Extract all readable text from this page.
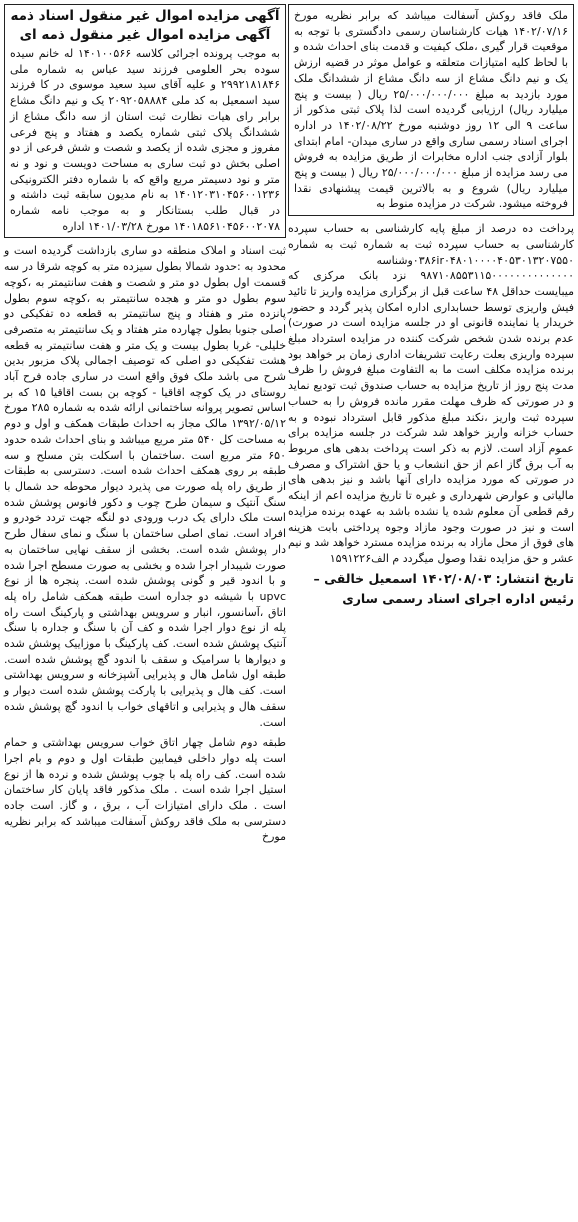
ملک فاقد روکش آسفالت میباشد که برابر نظریه مورخ ۱۴۰۲/۰۷/۱۶ هیات کارشناسان رسمی دادگستری با توجه به موقعیت قرار گیری ،ملک کیفیت و قدمت بنای احداث شده و با لحاظ کلیه امتیازات متعلقه و عوامل موثر در قضیه ارزش یک و نیم دانگ مشاع از سه دانگ مشاع از ششدانگ ملک مورد بازدید به مبلغ ۲۵/۰۰۰/۰۰۰/۰۰۰ ریال ( بیست و پنج میلیارد ریال) ارزیابی گردیده است لذا پلاک ثبتی مذکور از ساعت ۹ الی ۱۲ روز دوشنبه مورخ ۱۴۰۲/۰۸/۲۲ در اداره اجرای اسناد رسمی ساری واقع در ساری میدان- امام ابتدای بلوار آزادی جنب اداره مخابرات از طریق مزایده به فروش می رسد مزایده از مبلغ ۲۵/۰۰۰/۰۰۰/۰۰۰ ریال ( بیست و پنج میلیارد ریال) شروع و به بالاترین قیمت پیشنهادی نقدا فروخته میشود. شرکت در مزایده منوط به

پرداخت ده درصد از مبلغ پایه کارشناسی به حساب سپرده کارشناسی به حساب سپرده ثبت به شماره ثبت به شماره ۰۳۸۶ir۰۴۸۰۱۰۰۰۰۴۰۵۳۰۱۳۲۰۷۵۵۰وشناسه ۹۸۷۱۰۸۵۵۳۱۱۵۰۰۰۰۰۰۰۰۰۰۰۰۰۰ نزد بانک مرکزی که میبایست حداقل ۴۸ ساعت قبل از برگزاری مزایده واریز تا تائید فیش واریزی توسط حسابداری اداره امکان پذیر گردد و حضور خریدار یا نماینده قانونی او در جلسه مزایده است در صورت) عدم برنده شدن شخص شرکت کننده در مزایده استرداد مبلغ سپرده واریزی بعلت رعایت تشریفات اداری زمان بر خواهد بود برنده مزایده مکلف است ما به التفاوت مبلغ فروش را ظرف مدت پنج روز از تاریخ مزایده به حساب صندوق ثبت تودیع نماید و در صورتی که ظرف مهلت مقرر مانده فروش را به حساب سپرده ثبت واریز ،نکند مبلغ مذکور قابل استرداد نبوده و به حساب خزانه واریز خواهد شد شرکت در جلسه مزایده برای عموم آزاد است. لازم به ذکر است پرداخت بدهی های مربوط به آب برق گاز اعم از حق انشعاب و یا حق اشتراک و مصرف در صورتی که مورد مزایده دارای آنها باشد و نیز بدهی های مالیاتی و عوارض شهرداری و غیره تا تاریخ مزایده اعم از اینکه رقم قطعی آن معلوم شده یا نشده باشد به عهده برنده مزایده است و نیز در صورت وجود مازاد وجوه پرداختی بابت هزینه های فوق از محل مازاد به برنده مزایده مسترد خواهد شد و نیم عشر و حق مزایده نقدا وصول میگردد م الف۱۵۹۱۲۲۶

تاریخ انتشار: ۱۴۰۲/۰۸/۰۳ اسمعیل خالقی –

رئیس اداره اجرای اسناد رسمی ساری

آگهی مزایده اموال غیر منقول اسناد ذمه

آگهی مزایده اموال غیر منقول ذمه ای

به موجب پرونده اجرائی کلاسه ۱۴۰۱۰۰۵۶۶ له خانم سیده سوده بحر العلومی فرزند سید عباس به شماره ملی ۲۹۹۲۱۸۱۸۴۶ و علیه آقای سید سعید موسوی در کا فرزند سید اسمعیل به کد ملی ۲۰۹۲۰۵۸۸۸۴ یک و نیم دانگ مشاع برابر رای هیات نظارت ثبت استان از سه دانگ مشاع از ششدانگ پلاک ثبتی شماره یکصد و هفتاد و پنج فرعی مفروز و مجزی شده از یکصد و شصت و شش فرعی از دو اصلی بخش دو ثبت ساری به مساحت دویست و نود و نه متر و نود دسیمتر مربع واقع که با شماره دفتر الکترونیکی ۱۴۰۱۲۰۳۱۰۴۵۶۰۰۱۲۳۶ به نام مدیون سابقه ثبت داشته و در قبال طلب بستانکار و به موجب نامه شماره ۱۴۰۱۸۵۶۱۰۴۵۶۰۰۲۰۷۸ مورخ ۱۴۰۱/۰۳/۲۸ اداره

ثبت اسناد و املاک منطقه دو ساری بازداشت گردیده است و محدود به :حدود شمالا بطول سیزده متر به کوچه شرقا در سه قسمت اول بطول دو متر و شصت و هفت سانتیمتر به ،کوچه سوم بطول دو متر و هجده سانتیمتر به ،کوچه سوم بطول پانزده متر و هفتاد و پنج سانتیمتر به قطعه ده تفکیکی دو اصلی جنوبا بطول چهارده متر هفتاد و یک سانتیمتر به متصرفی خلیلی- غربا بطول بیست و یک متر و هفت سانتیمتر به قطعه هشت تفکیکی دو اصلی که توصیف اجمالی پلاک مزبور بدین شرح می باشد ملک فوق واقع است در ساری جاده فرح آباد روستای در یک کوچه اقاقیا - کوچه بن بست اقاقیا ۱۵ که بر اساس تصویر پروانه ساختمانی ارائه شده به شماره ۲۸۵ مورخ ۱۳۹۲/۰۵/۱۲ مالک مجاز به احداث طبقات همکف و اول و دوم به مساحت کل ۵۴۰ متر مربع میباشد و بنای احداث شده حدود ۶۵۰ متر مربع است .ساختمان با اسکلت بتن مسلح و سه طبقه بر روی همکف احداث شده است. دسترسی به طبقات از طریق راه پله صورت می پذیرد دیوار محوطه حد شمال با سنگ آنتیک و سیمان طرح چوب و دکور فانوس پوشش شده است ملک دارای یک درب ورودی دو لنگه جهت تردد خودرو و افراد است. نمای اصلی ساختمان با سنگ و نمای سفال طرح دار پوشش شده است. بخشی از سقف نهایی ساختمان به صورت شیبدار اجرا شده و بخشی به صورت مسطح اجرا شده و با اندود قیر و گونی پوشش شده است. پنجره ها از نوع upvc با شیشه دو جداره است طبقه همکف شامل راه پله اتاق ،آسانسور، انبار و سرویس بهداشتی و پارکینگ است راه پله از نوع دوار اجرا شده و کف آن با سنگ و جداره با سنگ آنتیک پوشش شده است. کف پارکینگ با موزاییک پوشش شده و دیوارها با سرامیک و سقف با اندود گچ پوشش شده است. طبقه اول شامل هال و پذیرایی آشپزخانه و سرویس بهداشتی است. کف هال و پذیرایی با پارکت پوشش شده است دیوار و سقف هال و پذیرایی و اتاقهای خواب با اندود گچ پوشش شده است.

طبقه دوم شامل چهار اتاق خواب سرویس بهداشتی و حمام است پله دوار داخلی فیمابین طبقات اول و دوم و بام اجرا شده است. کف راه پله با چوب پوشش شده و نرده ها از نوع استیل اجرا شده است . ملک مذکور فاقد پایان کار ساختمان است . ملک دارای امتیازات آب ، برق ، و گاز. است جاده دسترسی به ملک فاقد روکش آسفالت میباشد که برابر نظریه مورخ
